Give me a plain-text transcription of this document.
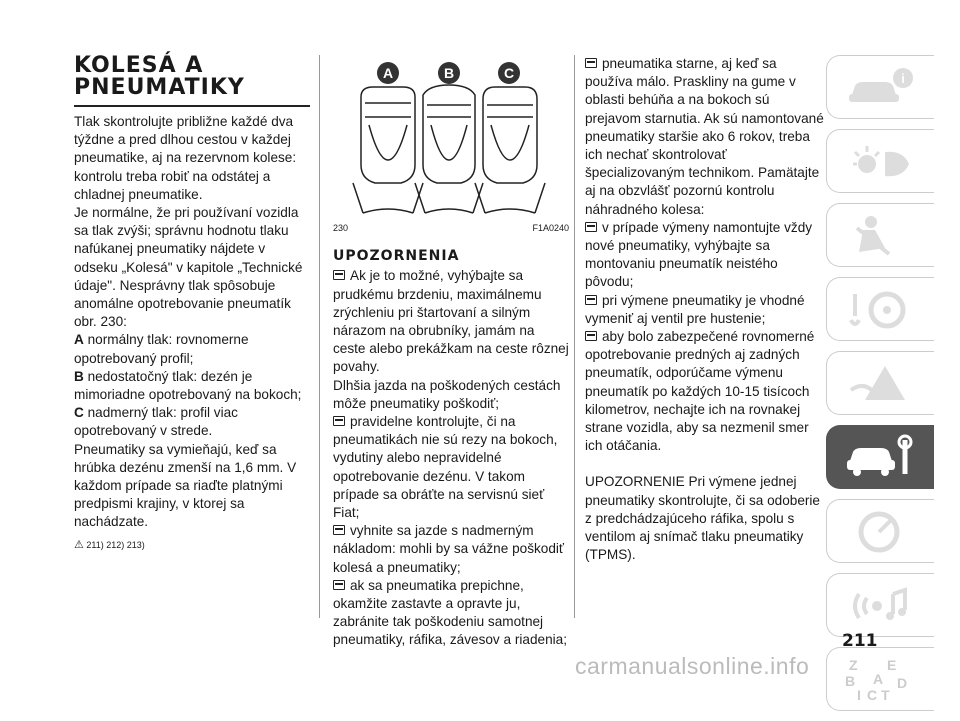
KOLESÁ A
PNEUMATIKY

Tlak skontrolujte približne každé dva týždne a pred dlhou cestou v každej pneumatike, aj na rezervnom kolese: kontrolu treba robiť na odstátej a chladnej pneumatike.

Je normálne, že pri používaní vozidla sa tlak zvýši; správnu hodnotu tlaku nafúkanej pneumatiky nájdete v odseku „Kolesá" v kapitole „Technické údaje". Nesprávny tlak spôsobuje anomálne opotrebovanie pneumatík obr. 230:

A normálny tlak: rovnomerne opotrebovaný profil;

B nedostatočný tlak: dezén je mimoriadne opotrebovaný na bokoch;

C nadmerný tlak: profil viac opotrebovaný v strede.

Pneumatiky sa vymieňajú, keď sa hrúbka dezénu zmenší na 1,6 mm. V každom prípade sa riaďte platnými predpismi krajiny, v ktorej sa nachádzate.

⚠ 211) 212) 213)
A	B	C
230	F1A0240
UPOZORNENIA

Ak je to možné, vyhýbajte sa prudkému brzdeniu, maximálnemu zrýchleniu pri štartovaní a silným nárazom na obrubníky, jamám na ceste alebo prekážkam na ceste rôznej povahy.

Dlhšia jazda na poškodených cestách môže pneumatiky poškodiť;

pravidelne kontrolujte, či na pneumatikách nie sú rezy na bokoch, vydutiny alebo nepravidelné opotrebovanie dezénu. V takom prípade sa obráťte na servisnú sieť Fiat;

vyhnite sa jazde s nadmerným nákladom: mohli by sa vážne poškodiť kolesá a pneumatiky;

ak sa pneumatika prepichne, okamžite zastavte a opravte ju, zabránite tak poškodeniu samotnej pneumatiky, ráfika, závesov a riadenia;

pneumatika starne, aj keď sa používa málo. Praskliny na gume v oblasti behúňa a na bokoch sú prejavom starnutia. Ak sú namontované pneumatiky staršie ako 6 rokov, treba ich nechať skontrolovať špecializovaným technikom. Pamätajte aj na obzvlášť pozornú kontrolu náhradného kolesa:

v prípade výmeny namontujte vždy nové pneumatiky, vyhýbajte sa montovaniu pneumatík neistého pôvodu;

pri výmene pneumatiky je vhodné vymeniť aj ventil pre hustenie;

aby bolo zabezpečené rovnomerné opotrebovanie predných aj zadných pneumatík, odporúčame výmenu pneumatík po každých 10-15 tisícoch kilometrov, nechajte ich na rovnakej strane vozidla, aby sa nezmenil smer ich otáčania.

UPOZORNENIE Pri výmene jednej pneumatiky skontrolujte, či sa odoberie z predchádzajúceho ráfika, spolu s ventilom aj snímač tlaku pneumatiky (TPMS).

i
Z E
B A D
I C T
211
carmanualsonline.info
